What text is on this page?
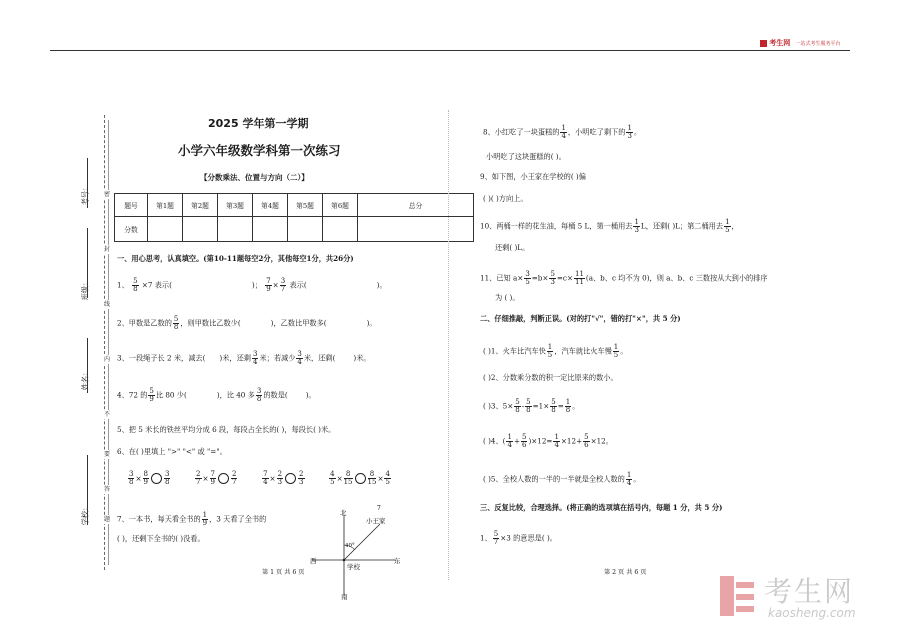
考生网 一站式考生服务平台
考号：
班级：
姓名：
学校：
密
封
线
内
不
要
答
题
2025 学年第一学期
小学六年级数学科第一次练习
【分数乘法、位置与方向（二）】
题号	第1题	第2题	第3题	第4题	第5题	第6题	总分
分数							
一、用心思考，认真填空。(第10-11题每空2分，其他每空1分，共26分)
1、 $\frac{5}{8} \times 7$ 表示(	)； $\frac{7}{9} \times \frac{3}{7}$ 表示(	)。
2、甲数是乙数的 $\frac{5}{8}$ ，则甲数比乙数少(	)，乙数比甲数多(	)。
3、一段绳子长 2 米，减去( )米，还剩 $\frac{3}{4}$ 米；若减少 $\frac{3}{4}$ 米，还剩(	)米。
4、72 的 $\frac{5}{9}$ 比 80 少(	)，比 40 多 $\frac{3}{8}$ 的数是(	)。
5、把 5 米长的铁丝平均分成 6 段，每段占全长的( )，每段长( )米。
6、在( )里填上 ">" "<" 或 "="。
$\frac{3}{8} \times \frac{8}{9} \frac{3}{8}$
	$\frac{2}{7} \times \frac{7}{9} \frac{2}{7}$
	$\frac{7}{4} \times \frac{2}{3} \frac{2}{3}$
	$\frac{4}{5} \times \frac{8}{15} \frac{8}{15} \times \frac{4}{5}$
7、一本书，每天看全书的 $\frac{1}{9}$ ，3 天看了全书的
( )，还剩下全书的( )没看。
北
南
西	东
小王家
学校
40°
7
第 1 页 共 6 页
8、小红吃了一块蛋糕的 $\frac{1}{4}$ ，小明吃了剩下的 $\frac{1}{3}$ 。
小明吃了这块蛋糕的( )。
9、如下图，小王家在学校的( )偏
( )( )方向上。
10、两桶一样的花生油，每桶 5 L，第一桶用去 $\frac{1}{3}$ L，还剩( )L；第二桶用去 $\frac{1}{5}$ ，
还剩( )L。
11、已知 $a\times \frac{3}{5} =b\times \frac{5}{3} =c\times \frac{11}{11} (a$、b、c 均不为 0)，则 a、b、c 三数按从大到小的排序
为 ( )。
二、仔细推敲，判断正误。(对的打"√"，错的打"×"，共 5 分)
( )1、火车比汽车快 $\frac{1}{5}$ ，汽车就比火车慢 $\frac{1}{5}$ 。
( )2、分数乘分数的积一定比原来的数小。
( )3、$5\times \frac{5}{8} - \frac{5}{8} =1\times \frac{5}{8} = \frac{1}{8}$ 。
( )4、( $\frac{1}{4} + \frac{5}{6} )\times 12= \frac{1}{4} \times 12+ \frac{5}{6} \times 12$。
( )5、全校人数的一半的一半就是全校人数的 $\frac{1}{4}$ 。
三、反复比较，合理选择。(将正确的选项填在括号内，每题 1 分，共 5 分)
1、 $\frac{5}{7} \times 3$ 的意思是( )。
第 2 页 共 6 页
考生网
kaosheng.com
